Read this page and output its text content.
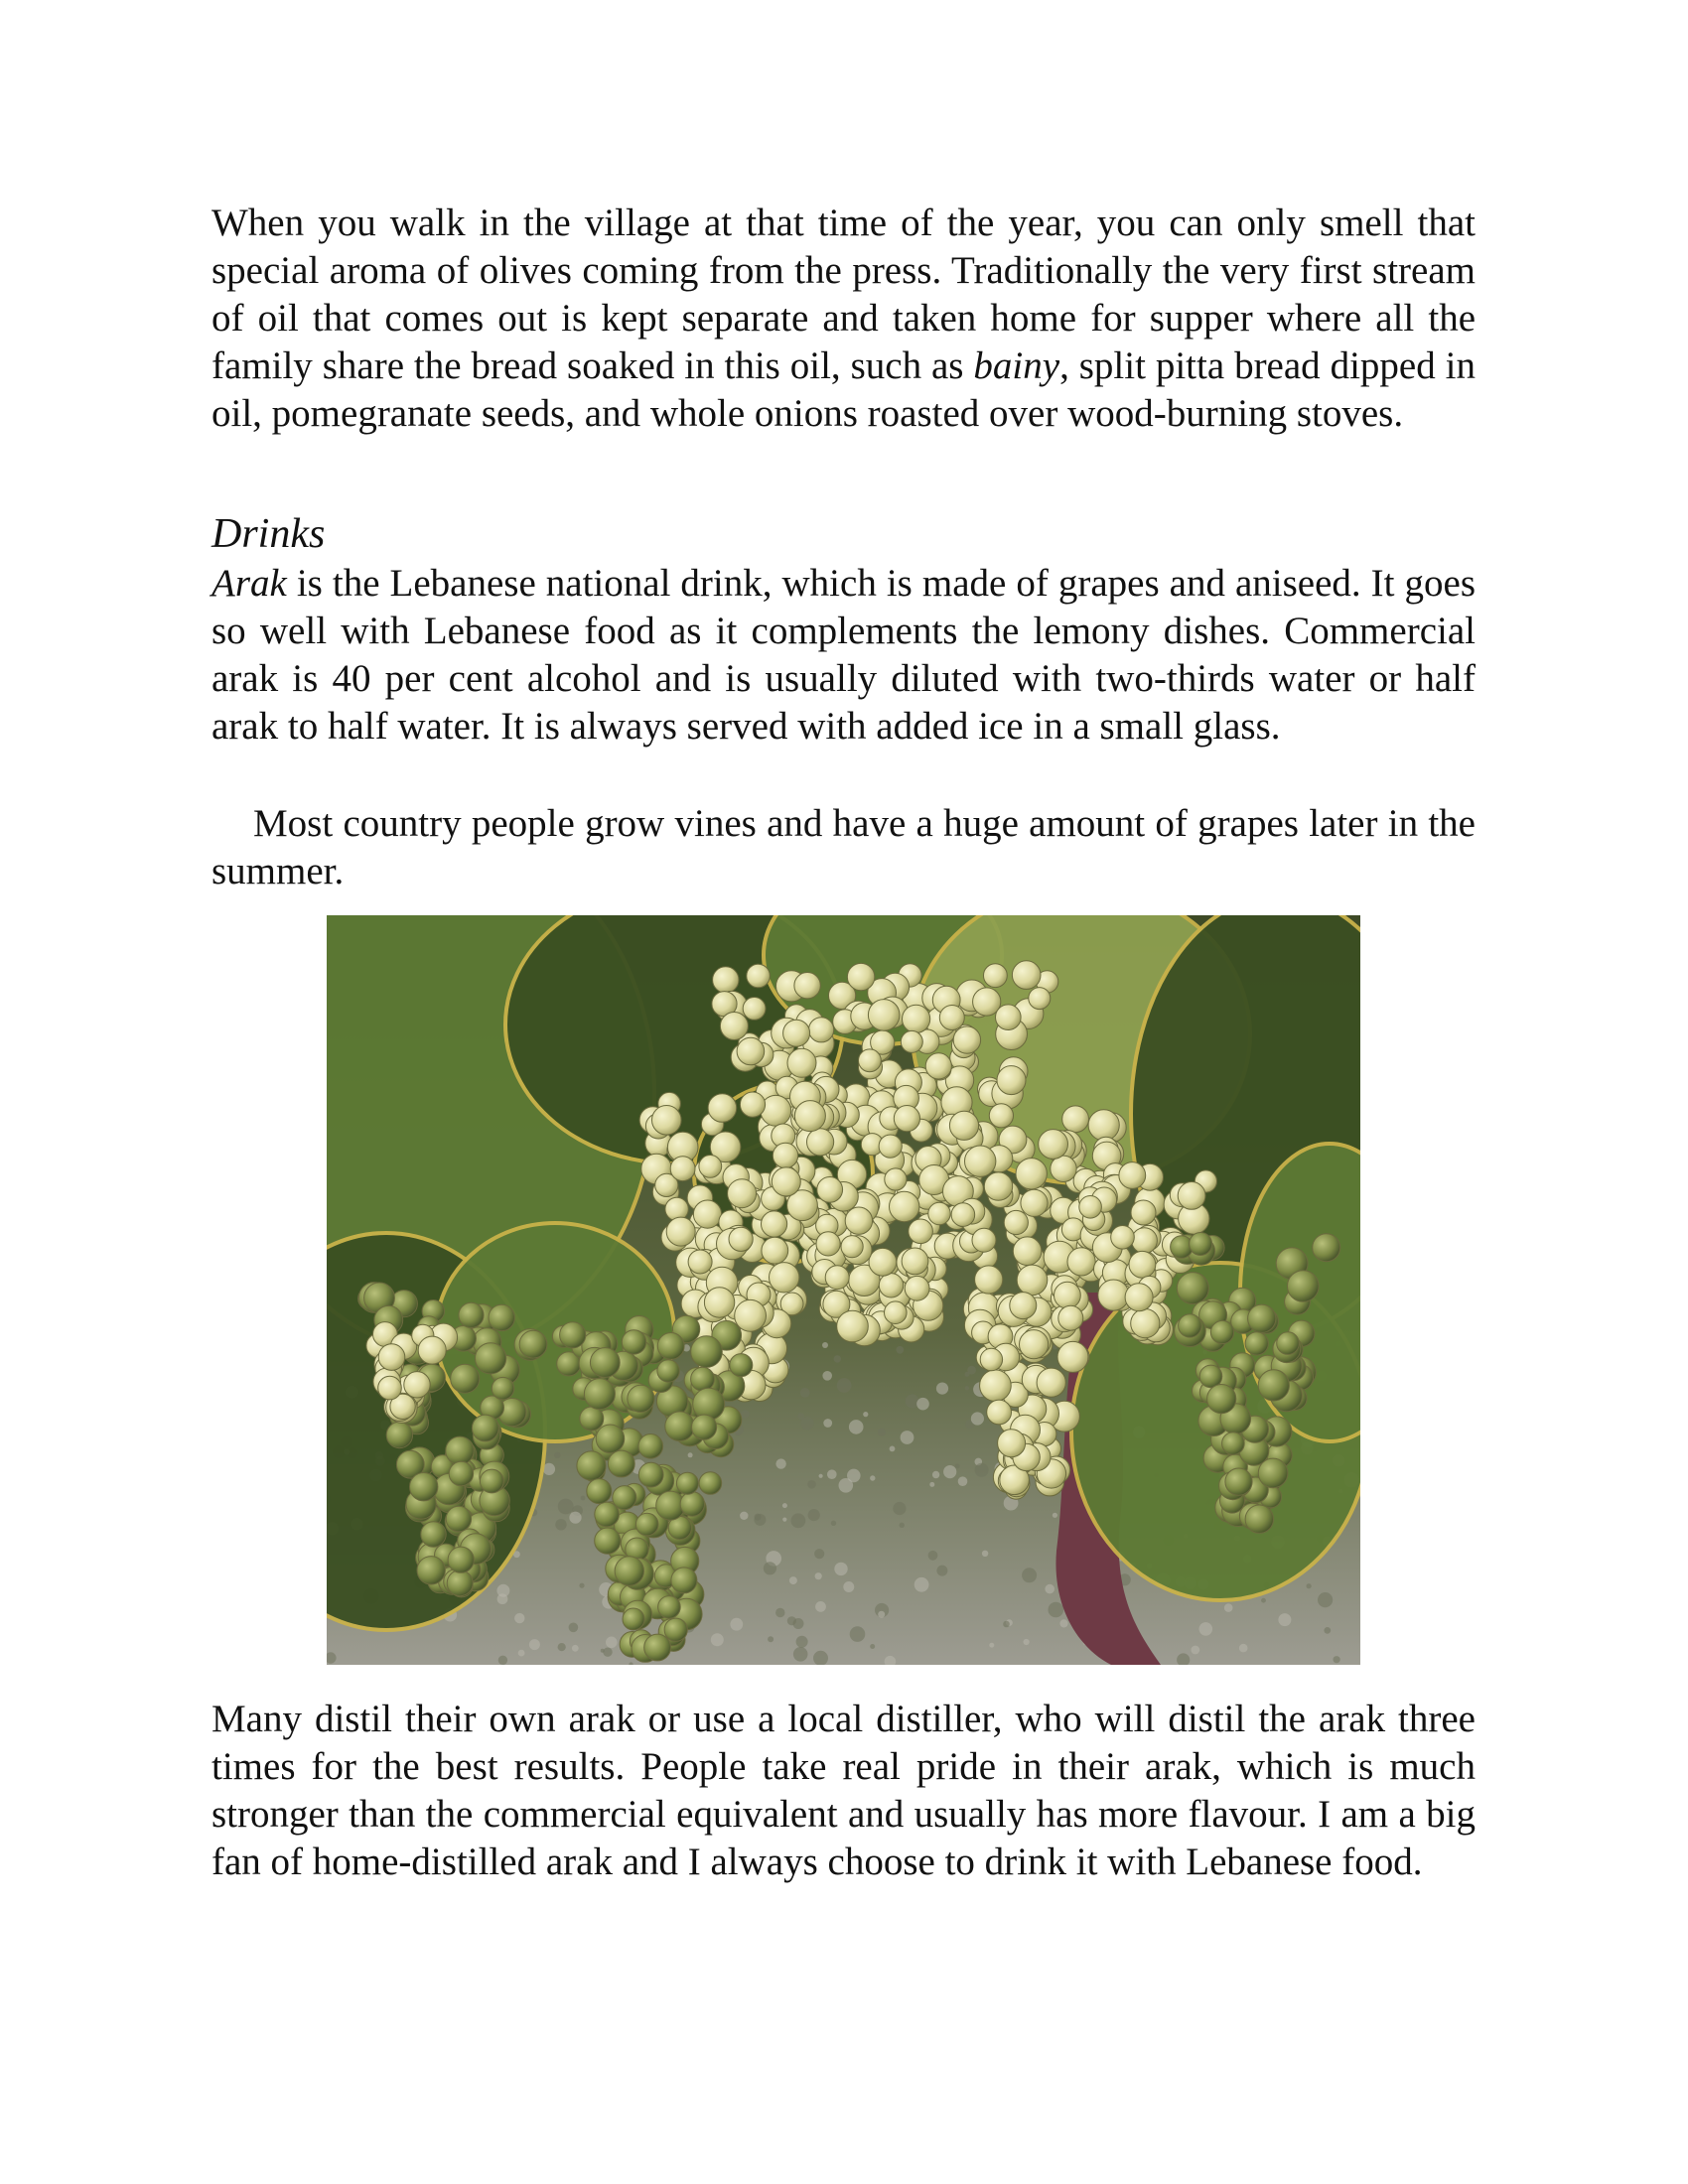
When you walk in the village at that time of the year, you can only smell that special aroma of olives coming from the press. Traditionally the very first stream of oil that comes out is kept separate and taken home for supper where all the family share the bread soaked in this oil, such as bainy, split pitta bread dipped in oil, pomegranate seeds, and whole onions roasted over wood-burning stoves.

Drinks

Arak is the Lebanese national drink, which is made of grapes and aniseed. It goes so well with Lebanese food as it complements the lemony dishes. Commercial arak is 40 per cent alcohol and is usually diluted with two-thirds water or half arak to half water. It is always served with added ice in a small glass.

Most country people grow vines and have a huge amount of grapes later in the summer.

Many distil their own arak or use a local distiller, who will distil the arak three times for the best results. People take real pride in their arak, which is much stronger than the commercial equivalent and usually has more flavour. I am a big fan of home-distilled arak and I always choose to drink it with Lebanese food.
